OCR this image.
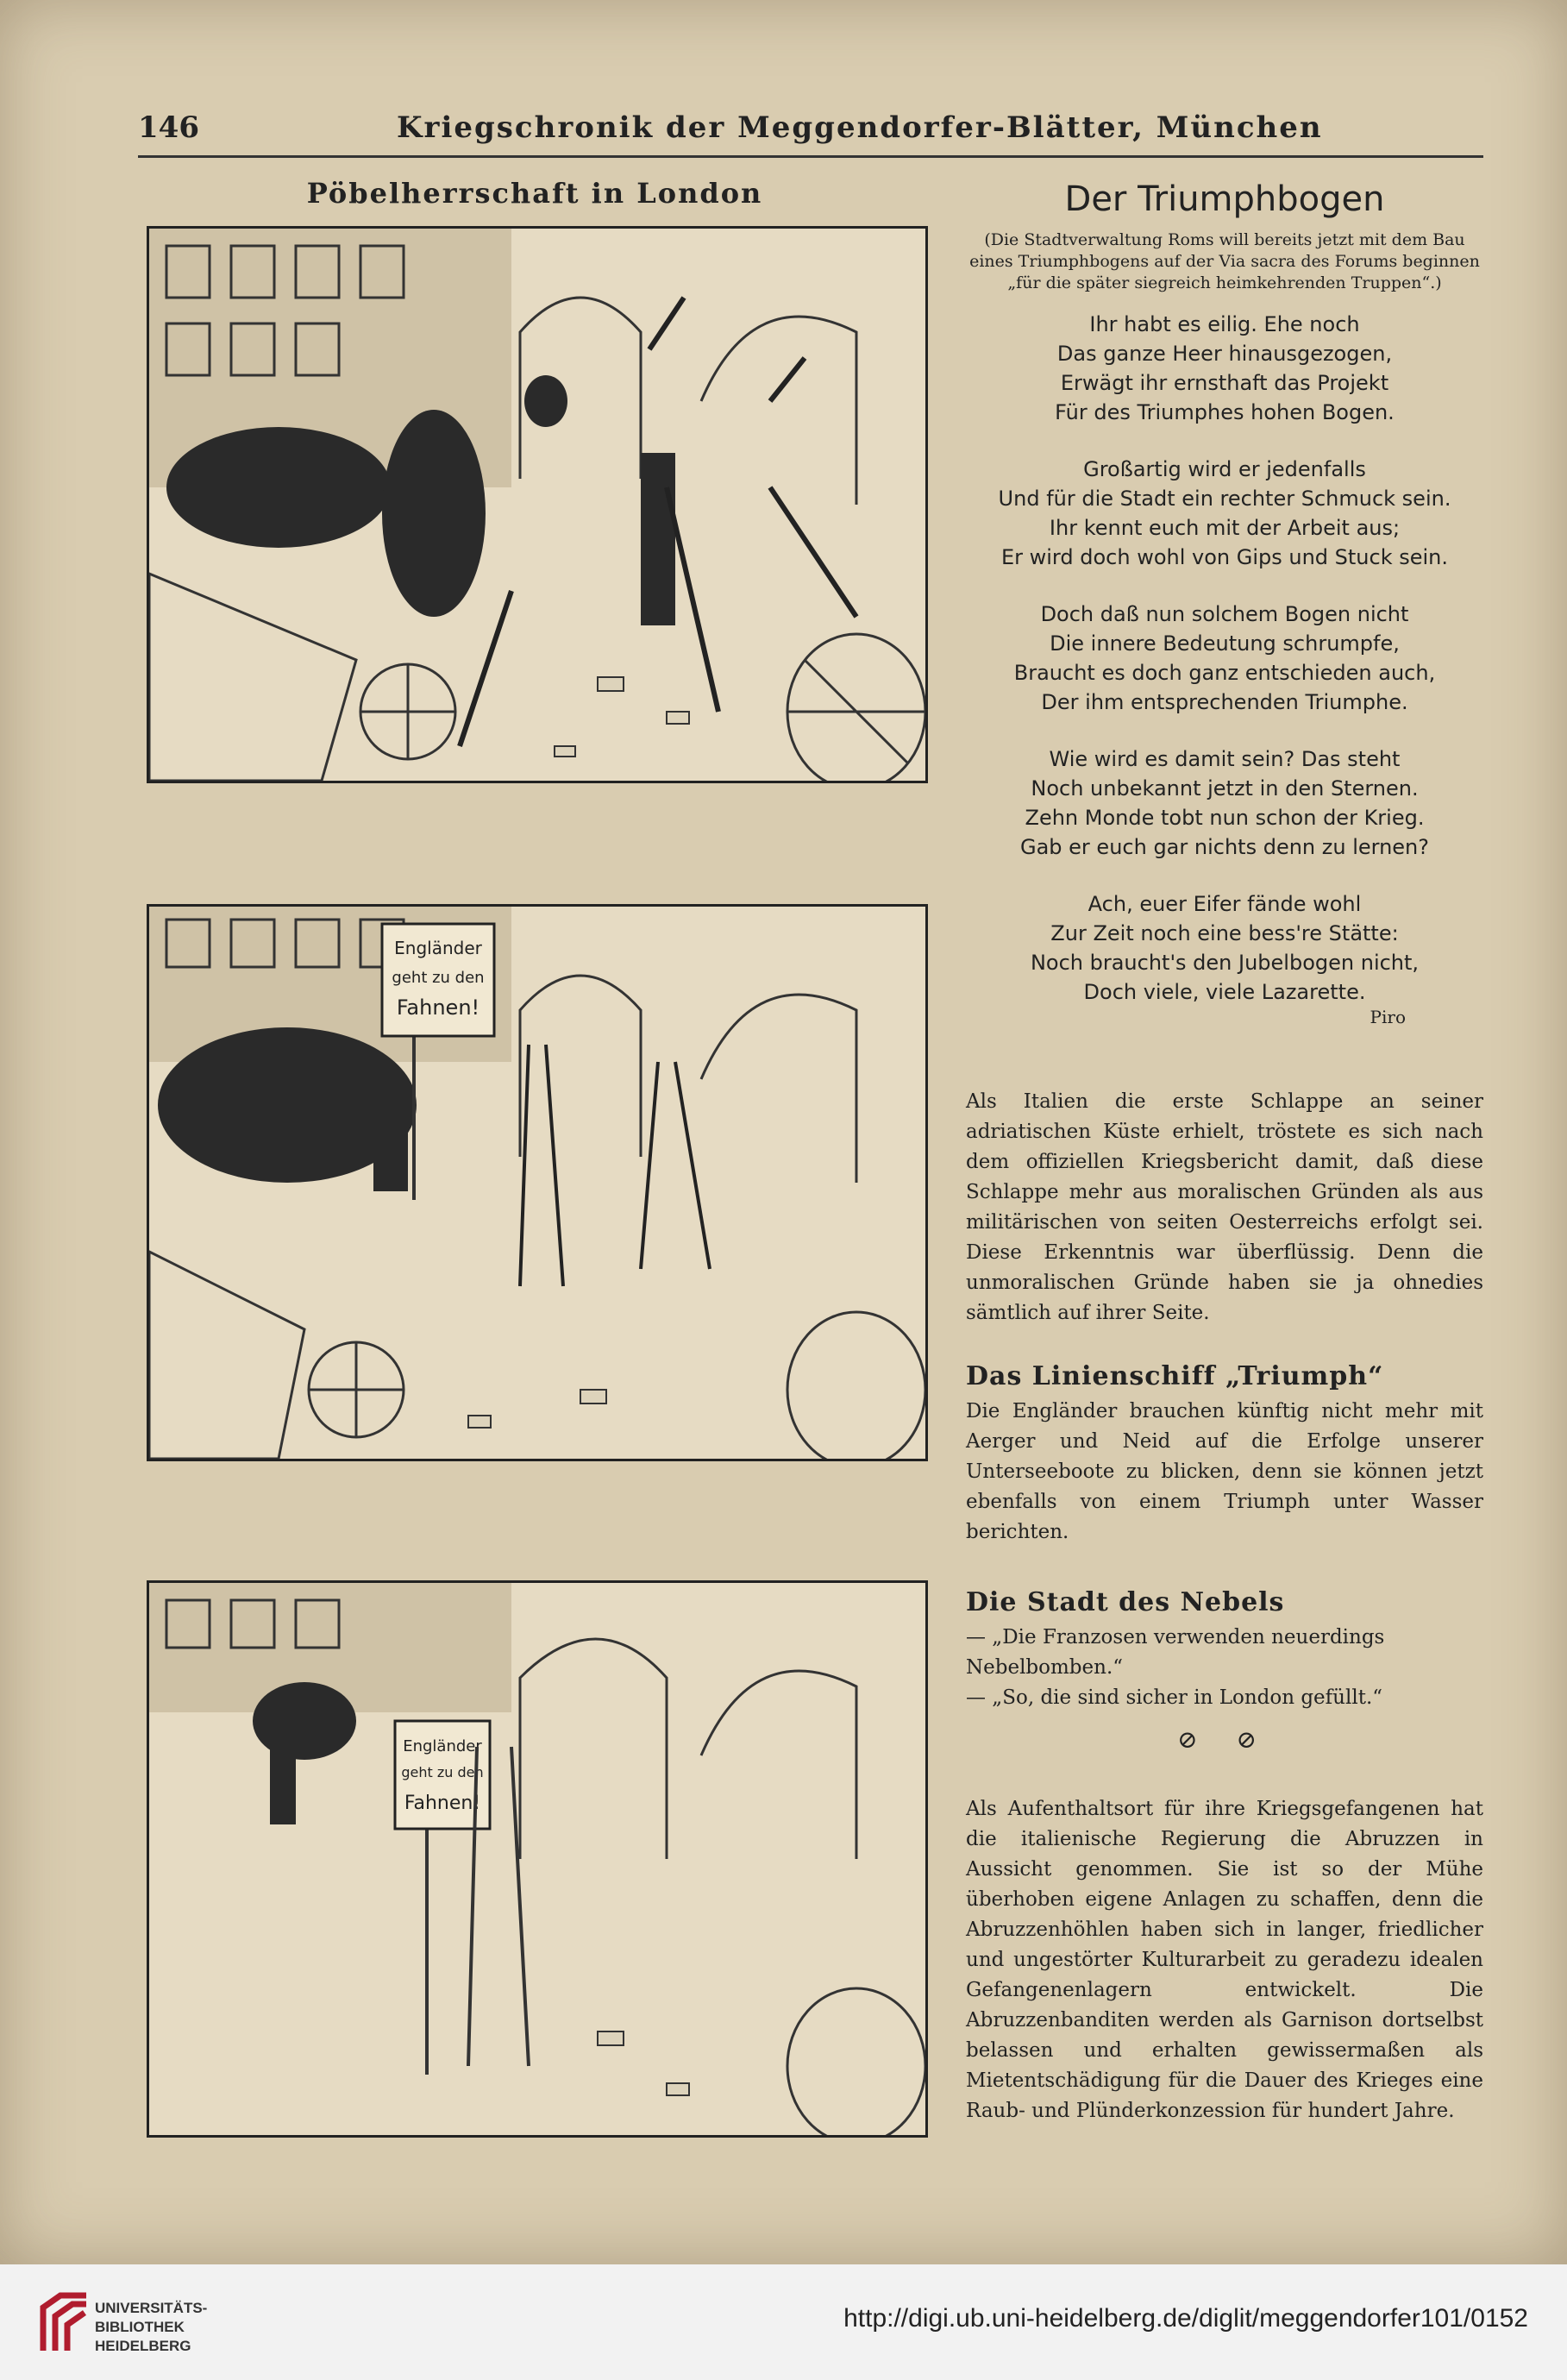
146	Kriegschronik der Meggendorfer-Blätter, München
Pöbelherrschaft in London
Engländer
geht zu den
Fahnen!
Engländer
geht zu den
Fahnen!
Der Triumphbogen
(Die Stadtverwaltung Roms will bereits jetzt mit dem Bau eines Triumphbogens auf der Via sacra des Forums beginnen „für die später siegreich heimkehrenden Truppen“.)
Ihr habt es eilig. Ehe noch
Das ganze Heer hinausgezogen,
Erwägt ihr ernsthaft das Projekt
Für des Triumphes hohen Bogen.
Großartig wird er jedenfalls
Und für die Stadt ein rechter Schmuck sein.
Ihr kennt euch mit der Arbeit aus;
Er wird doch wohl von Gips und Stuck sein.
Doch daß nun solchem Bogen nicht
Die innere Bedeutung schrumpfe,
Braucht es doch ganz entschieden auch,
Der ihm entsprechenden Triumphe.
Wie wird es damit sein? Das steht
Noch unbekannt jetzt in den Sternen.
Zehn Monde tobt nun schon der Krieg.
Gab er euch gar nichts denn zu lernen?
Ach, euer Eifer fände wohl
Zur Zeit noch eine bess're Stätte:
Noch braucht's den Jubelbogen nicht,
Doch viele, viele Lazarette.
Piro
Als Italien die erste Schlappe an seiner adriatischen Küste erhielt, tröstete es sich nach dem offiziellen Kriegsbericht damit, daß diese Schlappe mehr aus moralischen Gründen als aus militärischen von seiten Oesterreichs erfolgt sei. Diese Erkenntnis war überflüssig. Denn die unmoralischen Gründe haben sie ja ohnedies sämtlich auf ihrer Seite.
Das Linienschiff „Triumph“
Die Engländer brauchen künftig nicht mehr mit Aerger und Neid auf die Erfolge unserer Unterseeboote zu blicken, denn sie können jetzt ebenfalls von einem Triumph unter Wasser berichten.
Die Stadt des Nebels
— „Die Franzosen verwenden neuerdings Nebelbomben.“
— „So, die sind sicher in London gefüllt.“
⊘ ⊘
Als Aufenthaltsort für ihre Kriegsgefangenen hat die italienische Regierung die Abruzzen in Aussicht genommen. Sie ist so der Mühe überhoben eigene Anlagen zu schaffen, denn die Abruzzenhöhlen haben sich in langer, friedlicher und ungestörter Kulturarbeit zu geradezu idealen Gefangenenlagern entwickelt. Die Abruzzenbanditen werden als Garnison dortselbst belassen und erhalten gewissermaßen als Mietentschädigung für die Dauer des Krieges eine Raub- und Plünderkonzession für hundert Jahre.
UNIVERSITÄTS-
BIBLIOTHEK
HEIDELBERG
http://digi.ub.uni-heidelberg.de/diglit/meggendorfer101/0152
